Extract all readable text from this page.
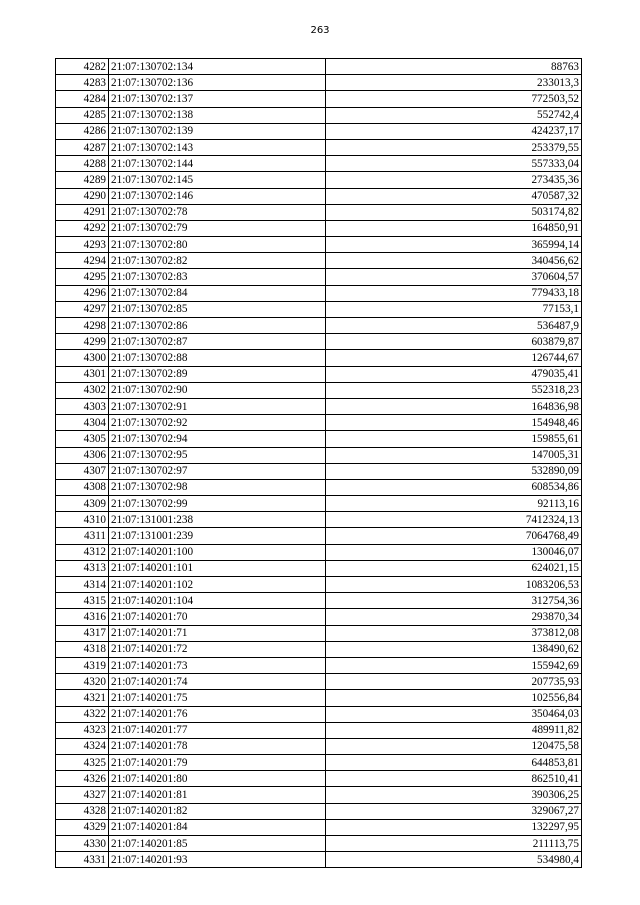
263
4282	21:07:130702:134	88763
4283	21:07:130702:136	233013,3
4284	21:07:130702:137	772503,52
4285	21:07:130702:138	552742,4
4286	21:07:130702:139	424237,17
4287	21:07:130702:143	253379,55
4288	21:07:130702:144	557333,04
4289	21:07:130702:145	273435,36
4290	21:07:130702:146	470587,32
4291	21:07:130702:78	503174,82
4292	21:07:130702:79	164850,91
4293	21:07:130702:80	365994,14
4294	21:07:130702:82	340456,62
4295	21:07:130702:83	370604,57
4296	21:07:130702:84	779433,18
4297	21:07:130702:85	77153,1
4298	21:07:130702:86	536487,9
4299	21:07:130702:87	603879,87
4300	21:07:130702:88	126744,67
4301	21:07:130702:89	479035,41
4302	21:07:130702:90	552318,23
4303	21:07:130702:91	164836,98
4304	21:07:130702:92	154948,46
4305	21:07:130702:94	159855,61
4306	21:07:130702:95	147005,31
4307	21:07:130702:97	532890,09
4308	21:07:130702:98	608534,86
4309	21:07:130702:99	92113,16
4310	21:07:131001:238	7412324,13
4311	21:07:131001:239	7064768,49
4312	21:07:140201:100	130046,07
4313	21:07:140201:101	624021,15
4314	21:07:140201:102	1083206,53
4315	21:07:140201:104	312754,36
4316	21:07:140201:70	293870,34
4317	21:07:140201:71	373812,08
4318	21:07:140201:72	138490,62
4319	21:07:140201:73	155942,69
4320	21:07:140201:74	207735,93
4321	21:07:140201:75	102556,84
4322	21:07:140201:76	350464,03
4323	21:07:140201:77	489911,82
4324	21:07:140201:78	120475,58
4325	21:07:140201:79	644853,81
4326	21:07:140201:80	862510,41
4327	21:07:140201:81	390306,25
4328	21:07:140201:82	329067,27
4329	21:07:140201:84	132297,95
4330	21:07:140201:85	211113,75
4331	21:07:140201:93	534980,4
